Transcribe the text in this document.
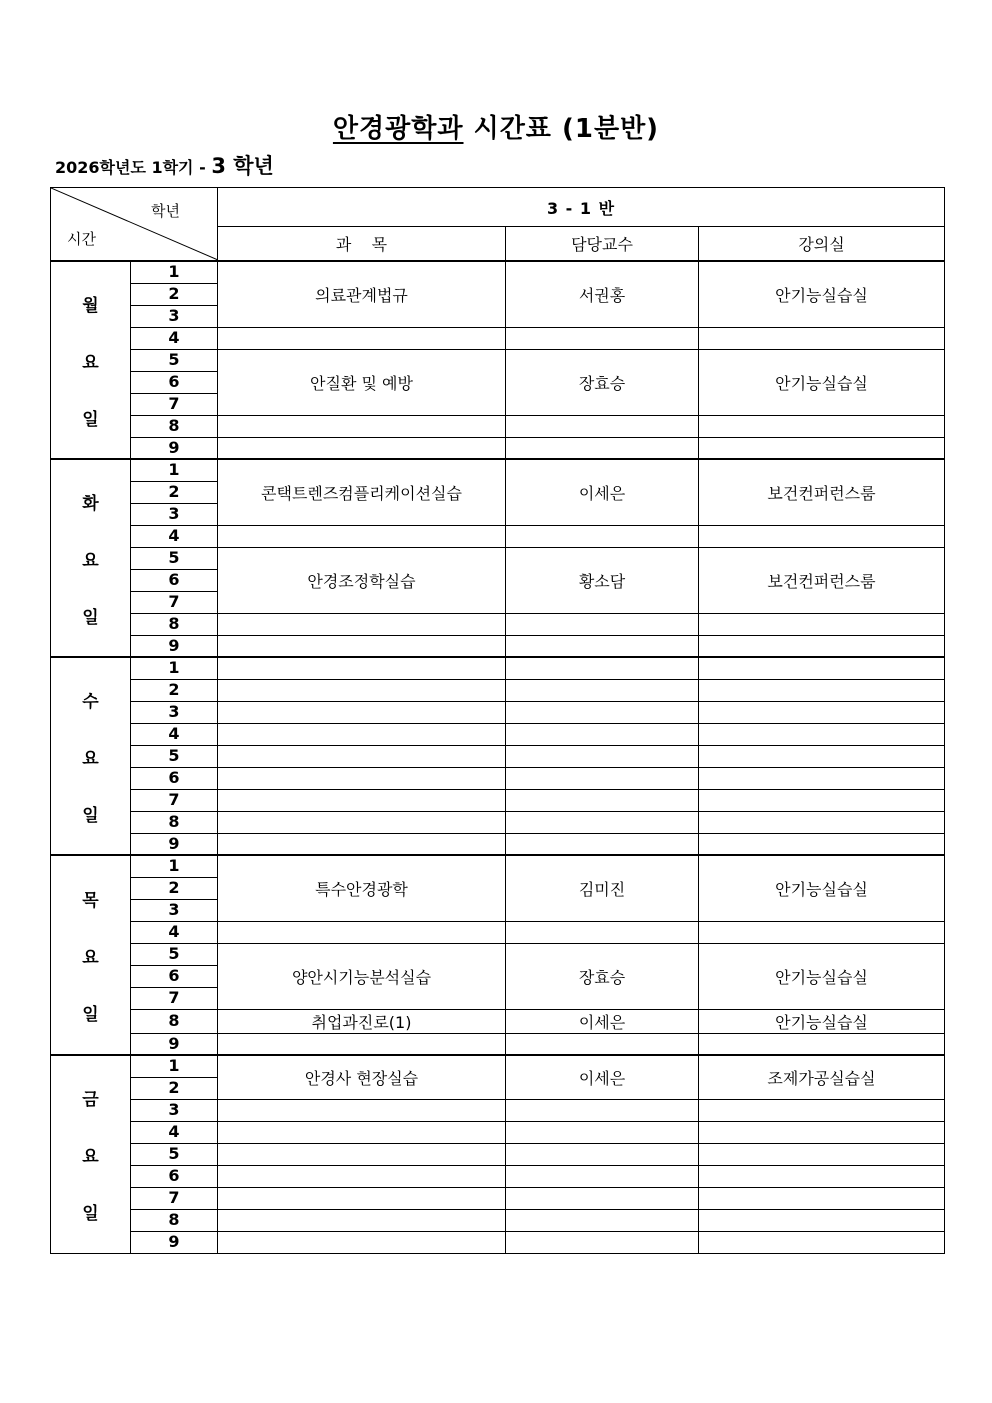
안경광학과 시간표 (1분반)
2026학년도 1학기 - 3 학년
학년
시간		3 - 1 반		
		과    목	담당교수	강의실

월
요
일	1	의료관계법규	서권홍	안기능실습실
	2			
	3			
	4			
	5	안질환 및 예방	장효승	안기능실습실
	6			
	7			
	8			
	9			

화
요
일	1	콘택트렌즈컴플리케이션실습	이세은	보건컨퍼런스룸
	2			
	3			
	4			
	5	안경조정학실습	황소담	보건컨퍼런스룸
	6			
	7			
	8			
	9			

수
요
일	1			
	2			
	3			
	4			
	5			
	6			
	7			
	8			
	9			

목
요
일	1	특수안경광학	김미진	안기능실습실
	2			
	3			
	4			
	5	양안시기능분석실습	장효승	안기능실습실
	6			
	7			
	8	취업과진로(1)	이세은	안기능실습실
	9			

금
요
일	1	안경사 현장실습	이세은	조제가공실습실
	2			
	3			
	4			
	5			
	6			
	7			
	8			
	9			
